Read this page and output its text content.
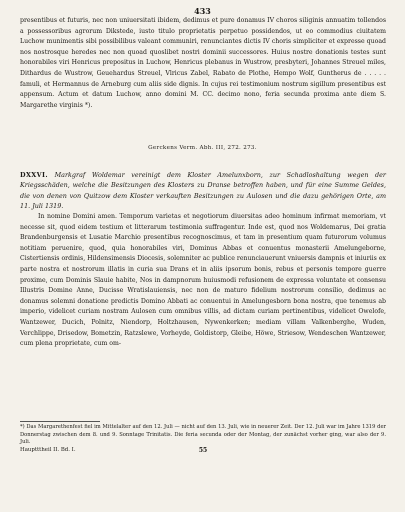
433

presentibus et futuris, nec non uniuersitati ibidem, dedimus et pure donamus IV choros siliginis annuatim tollendos a possessoribus agrorum Dikstede, iusto titulo proprietatis perpetuo possidendos, ut eo commodius ciuitatem Luchow munimentis sibi possibilibus valeant communiri, renunciantes dictis IV choris simpliciter et expresse quoad nos nostrosque heredes nec non quoad quoslibet nostri dominii successores. Huius nostre donationis testes sunt honorabiles viri Henricus prepositus in Luchow, Henricus plebanus in Wustrow, presbyteri, Johannes Streuel miles, Dithardus de Wustrow, Geuehardus Streuel, Vlricus Zabel, Rabato de Plothe, Hempo Wolf, Guntherus de . . . . . famuli, et Hermannus de Arneburg cum aliis side dignis. In cujus rei testimonium nostrum sigillum presentibus est appensum. Actum et datum Luchow, anno domini M. CC. decimo nono, feria secunda proxima ante diem S. Margarethe virginis *).

Gerckens Verm. Abh. III, 272. 273.
DXXVI. Markgraf Woldemar vereinigt dem Kloster Amelunxborn, zur Schadloshaltung wegen der Kriegsschäden, welche die Besitzungen des Klosters zu Dranse betroffen haben, und für eine Summe Geldes, die von denen von Quitzow dem Kloster verkauften Besitzungen zu Aulosen und die dazu gehörigen Orte, am 11. Juli 1319.

In nomine Domini amen. Temporum varietas et negotiorum diuersitas adeo hominum infirmat memoriam, vt necesse sit, quod eidem testium et litterarum testimonia suffragentur. Inde est, quod nos Woldemarus, Dei gratia Brandenburgensis et Lusatie Marchio presentibus recognoscimus, et tam in presentium quam futurorum volumus notitiam peruenire, quod, quia honorabiles viri, Dominus Abbas et conuentus monasterii Amelungeborne, Cistertiensis ordinis, Hildensimensis Diocesis, solemniter ac publice renunciauerunt vniuersis dampnis et iniuriis ex parte nostra et nostrorum illatis in curia sua Drans et in aliis ipsorum bonis, rebus et personis tempore guerre proxime, cum Dominis Slauie habite, Nos in dampnorum huiusmodi refusionem de expressa voluntate et consensu Illustris Domine Anne, Ducisse Wratislauiensis, nec non de maturo fidelium nostrorum consilio, dedimus ac donamus solemni donatione predictis Domino Abbati ac conuentui in Amelungesborn bona nostra, que tenemus ab imperio, videlicet curiam nostram Aulosen cum omnibus villis, ad dictam curiam pertinentibus, videlicet Owelofe, Wantzewer, Ducich, Polnitz, Niendorp, Holtzhausen, Nywenkerken; mediam villam Valkenberghe, Wuden, Verchlippe, Drisedow, Bometzin, Ratzslewe, Vorheyde, Goldistorp, Gleibe, Höwe, Striesow, Wendeschen Wantzewer, cum plena proprietate, cum om-

*) Das Margarethenfest fiel im Mittelalter auf den 12. Juli — nicht auf den 13. Juli, wie in neuerer Zeit. Der 12. Juli war im Jahre 1319 der Donnerstag zwischen dem 8. und 9. Sonntage Trinitatis. Die feria secunda oder der Montag, der zunächst vorher ging, war also der 9. Juli.
Hauptttheil II. Bd. I.	55
